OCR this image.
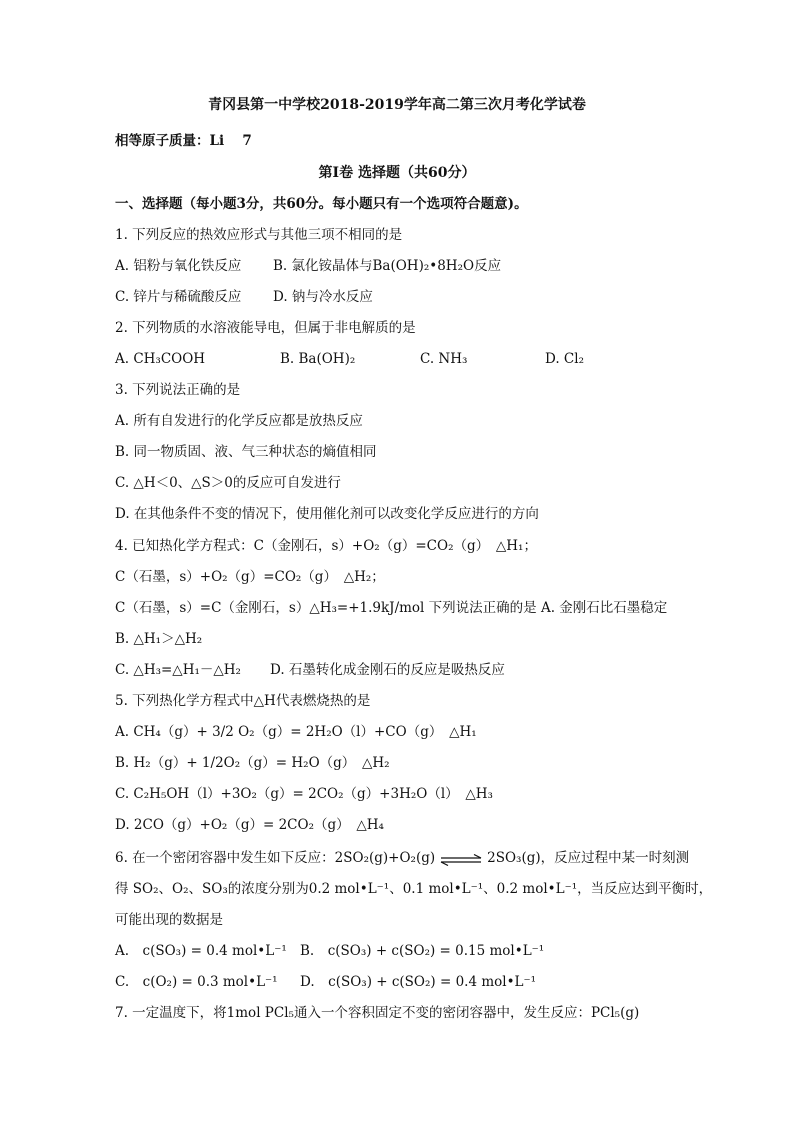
青冈县第一中学校2018-2019学年高二第三次月考化学试卷
相等原子质量：Li　 7
第Ⅰ卷 选择题（共60分）
一、选择题（每小题3分，共60分。每小题只有一个选项符合题意)。
1. 下列反应的热效应形式与其他三项不相同的是
A. 铝粉与氧化铁反应 B. 氯化铵晶体与Ba(OH)₂•8H₂O反应
C. 锌片与稀硫酸反应 D. 钠与冷水反应
2. 下列物质的水溶液能导电，但属于非电解质的是
A. CH₃COOH	B. Ba(OH)₂	C. NH₃	D. Cl₂
3. 下列说法正确的是
A. 所有自发进行的化学反应都是放热反应
B. 同一物质固、液、气三种状态的熵值相同
C. △H＜0、△S＞0的反应可自发进行
D. 在其他条件不变的情况下，使用催化剂可以改变化学反应进行的方向
4. 已知热化学方程式：C（金刚石，s）+O₂（g）=CO₂（g）　△H₁；
C（石墨，s）+O₂（g）=CO₂（g）　△H₂；
C（石墨，s）=C（金刚石，s）△H₃=+1.9kJ/mol 下列说法正确的是 A. 金刚石比石墨稳定
B. △H₁＞△H₂
C. △H₃=△H₁－△H₂ D. 石墨转化成金刚石的反应是吸热反应
5. 下列热化学方程式中△H代表燃烧热的是
A. CH₄（g）+ 3/2 O₂（g）= 2H₂O（l）+CO（g）　△H₁
B. H₂（g）+ 1/2O₂（g）= H₂O（g）　△H₂
C. C₂H₅OH（l）+3O₂（g）= 2CO₂（g）+3H₂O（l）　△H₃
D. 2CO（g）+O₂（g）= 2CO₂（g）　△H₄
6. 在一个密闭容器中发生如下反应：2SO₂(g)+O₂(g) ⇌ 2SO₃(g)，反应过程中某一时刻测
得 SO₂、O₂、SO₃的浓度分别为0.2 mol•L⁻¹、0.1 mol•L⁻¹、0.2 mol•L⁻¹，当反应达到平衡时，
可能出现的数据是
A.　c(SO₃) = 0.4 mol•L⁻¹ B.　c(SO₃) + c(SO₂) = 0.15 mol•L⁻¹
C.　c(O₂) = 0.3 mol•L⁻¹ D.　c(SO₃) + c(SO₂) = 0.4 mol•L⁻¹
7. 一定温度下，将1mol PCl₅通入一个容积固定不变的密闭容器中，发生反应：PCl₅(g)
